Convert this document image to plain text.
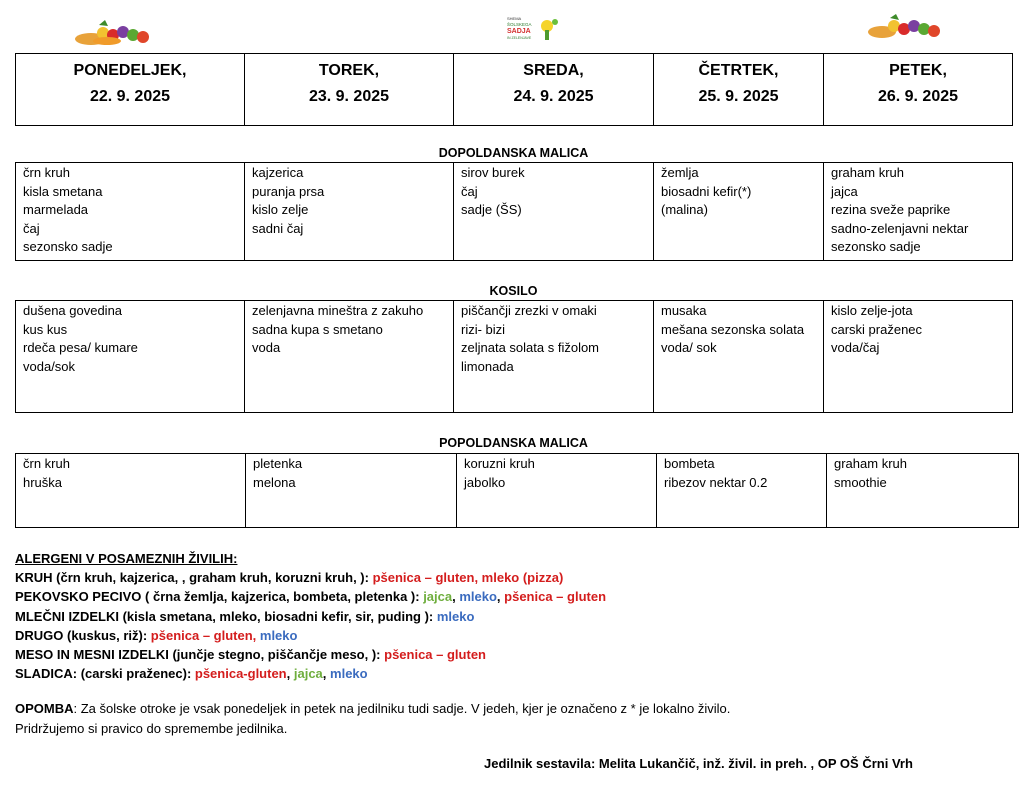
SHEMA
ŠOLSKEGA
SADJA
IN ZELENJAVE
PONEDELJEK,
22. 9. 2025

TOREK,
23. 9. 2025

SREDA,
24. 9. 2025

ČETRTEK,
25. 9. 2025

PETEK,
26. 9. 2025
DOPOLDANSKA MALICA
črn kruh
kisla smetana
marmelada
čaj
sezonsko sadje

kajzerica
puranja prsa
kislo zelje
sadni čaj

sirov burek
čaj
sadje (ŠS)

žemlja
biosadni kefir(*)
(malina)

graham kruh
jajca
rezina sveže paprike
sadno-zelenjavni nektar
sezonsko sadje
KOSILO
dušena govedina
kus kus
rdeča pesa/ kumare
voda/sok

zelenjavna mineštra z zakuho
sadna kupa s smetano
voda

piščančji zrezki v omaki
rizi- bizi
zeljnata solata s fižolom
limonada

musaka
mešana sezonska solata
voda/ sok

kislo zelje-jota
carski praženec
voda/čaj
POPOLDANSKA MALICA
črn kruh
hruška

pletenka
melona

koruzni kruh
jabolko

bombeta
ribezov nektar 0.2

graham kruh
smoothie
ALERGENI V POSAMEZNIH ŽIVILIH:
KRUH (črn kruh, kajzerica, , graham kruh, koruzni kruh, ): pšenica – gluten, mleko (pizza)
PEKOVSKO PECIVO ( črna žemlja, kajzerica, bombeta, pletenka ): jajca, mleko, pšenica – gluten
MLEČNI IZDELKI (kisla smetana, mleko, biosadni kefir, sir, puding ): mleko
DRUGO (kuskus, riž): pšenica – gluten, mleko
MESO IN MESNI IZDELKI (junčje stegno, piščančje meso, ): pšenica – gluten
SLADICA: (carski praženec): pšenica-gluten, jajca, mleko
OPOMBA: Za šolske otroke je vsak ponedeljek in petek na jedilniku tudi sadje. V jedeh, kjer je označeno z * je lokalno živilo.
Pridržujemo si pravico do spremembe jedilnika.
Jedilnik sestavila: Melita Lukančič, inž. živil. in preh. , OP OŠ Črni Vrh
